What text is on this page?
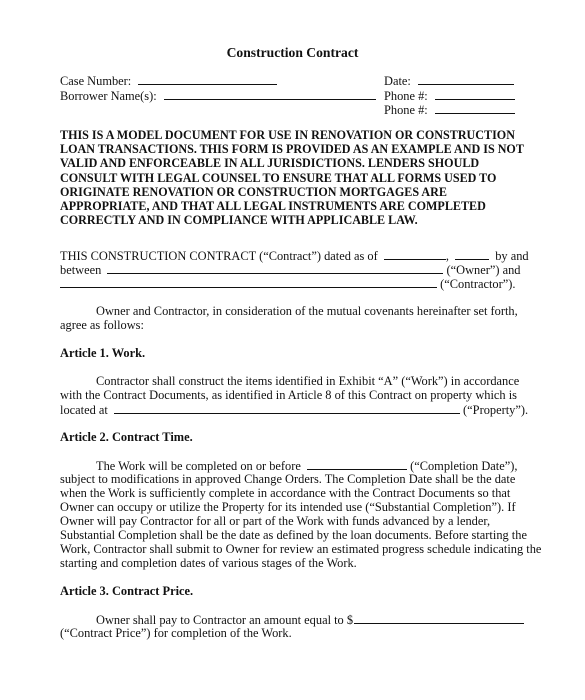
Construction Contract
Case Number:
Borrower Name(s):
Date:
Phone #:
Phone #:
THIS IS A MODEL DOCUMENT FOR USE IN RENOVATION OR CONSTRUCTION
LOAN TRANSACTIONS. THIS FORM IS PROVIDED AS AN EXAMPLE AND IS NOT
VALID AND ENFORCEABLE IN ALL JURISDICTIONS. LENDERS SHOULD
CONSULT WITH LEGAL COUNSEL TO ENSURE THAT ALL FORMS USED TO
ORIGINATE RENOVATION OR CONSTRUCTION MORTGAGES ARE
APPROPRIATE, AND THAT ALL LEGAL INSTRUMENTS ARE COMPLETED
CORRECTLY AND IN COMPLIANCE WITH APPLICABLE LAW.
THIS CONSTRUCTION CONTRACT (“Contract”) dated as of	,	by and
between	(“Owner”) and
(“Contractor”).
Owner and Contractor, in consideration of the mutual covenants hereinafter set forth,
agree as follows:
Article 1. Work.
Contractor shall construct the items identified in Exhibit “A” (“Work”) in accordance
with the Contract Documents, as identified in Article 8 of this Contract on property which is
located at	(“Property”).
Article 2. Contract Time.
The Work will be completed on or before	(“Completion Date”),
subject to modifications in approved Change Orders. The Completion Date shall be the date
when the Work is sufficiently complete in accordance with the Contract Documents so that
Owner can occupy or utilize the Property for its intended use (“Substantial Completion”). If
Owner will pay Contractor for all or part of the Work with funds advanced by a lender,
Substantial Completion shall be the date as defined by the loan documents. Before starting the
Work, Contractor shall submit to Owner for review an estimated progress schedule indicating the
starting and completion dates of various stages of the Work.
Article 3. Contract Price.
Owner shall pay to Contractor an amount equal to $
(“Contract Price”) for completion of the Work.
